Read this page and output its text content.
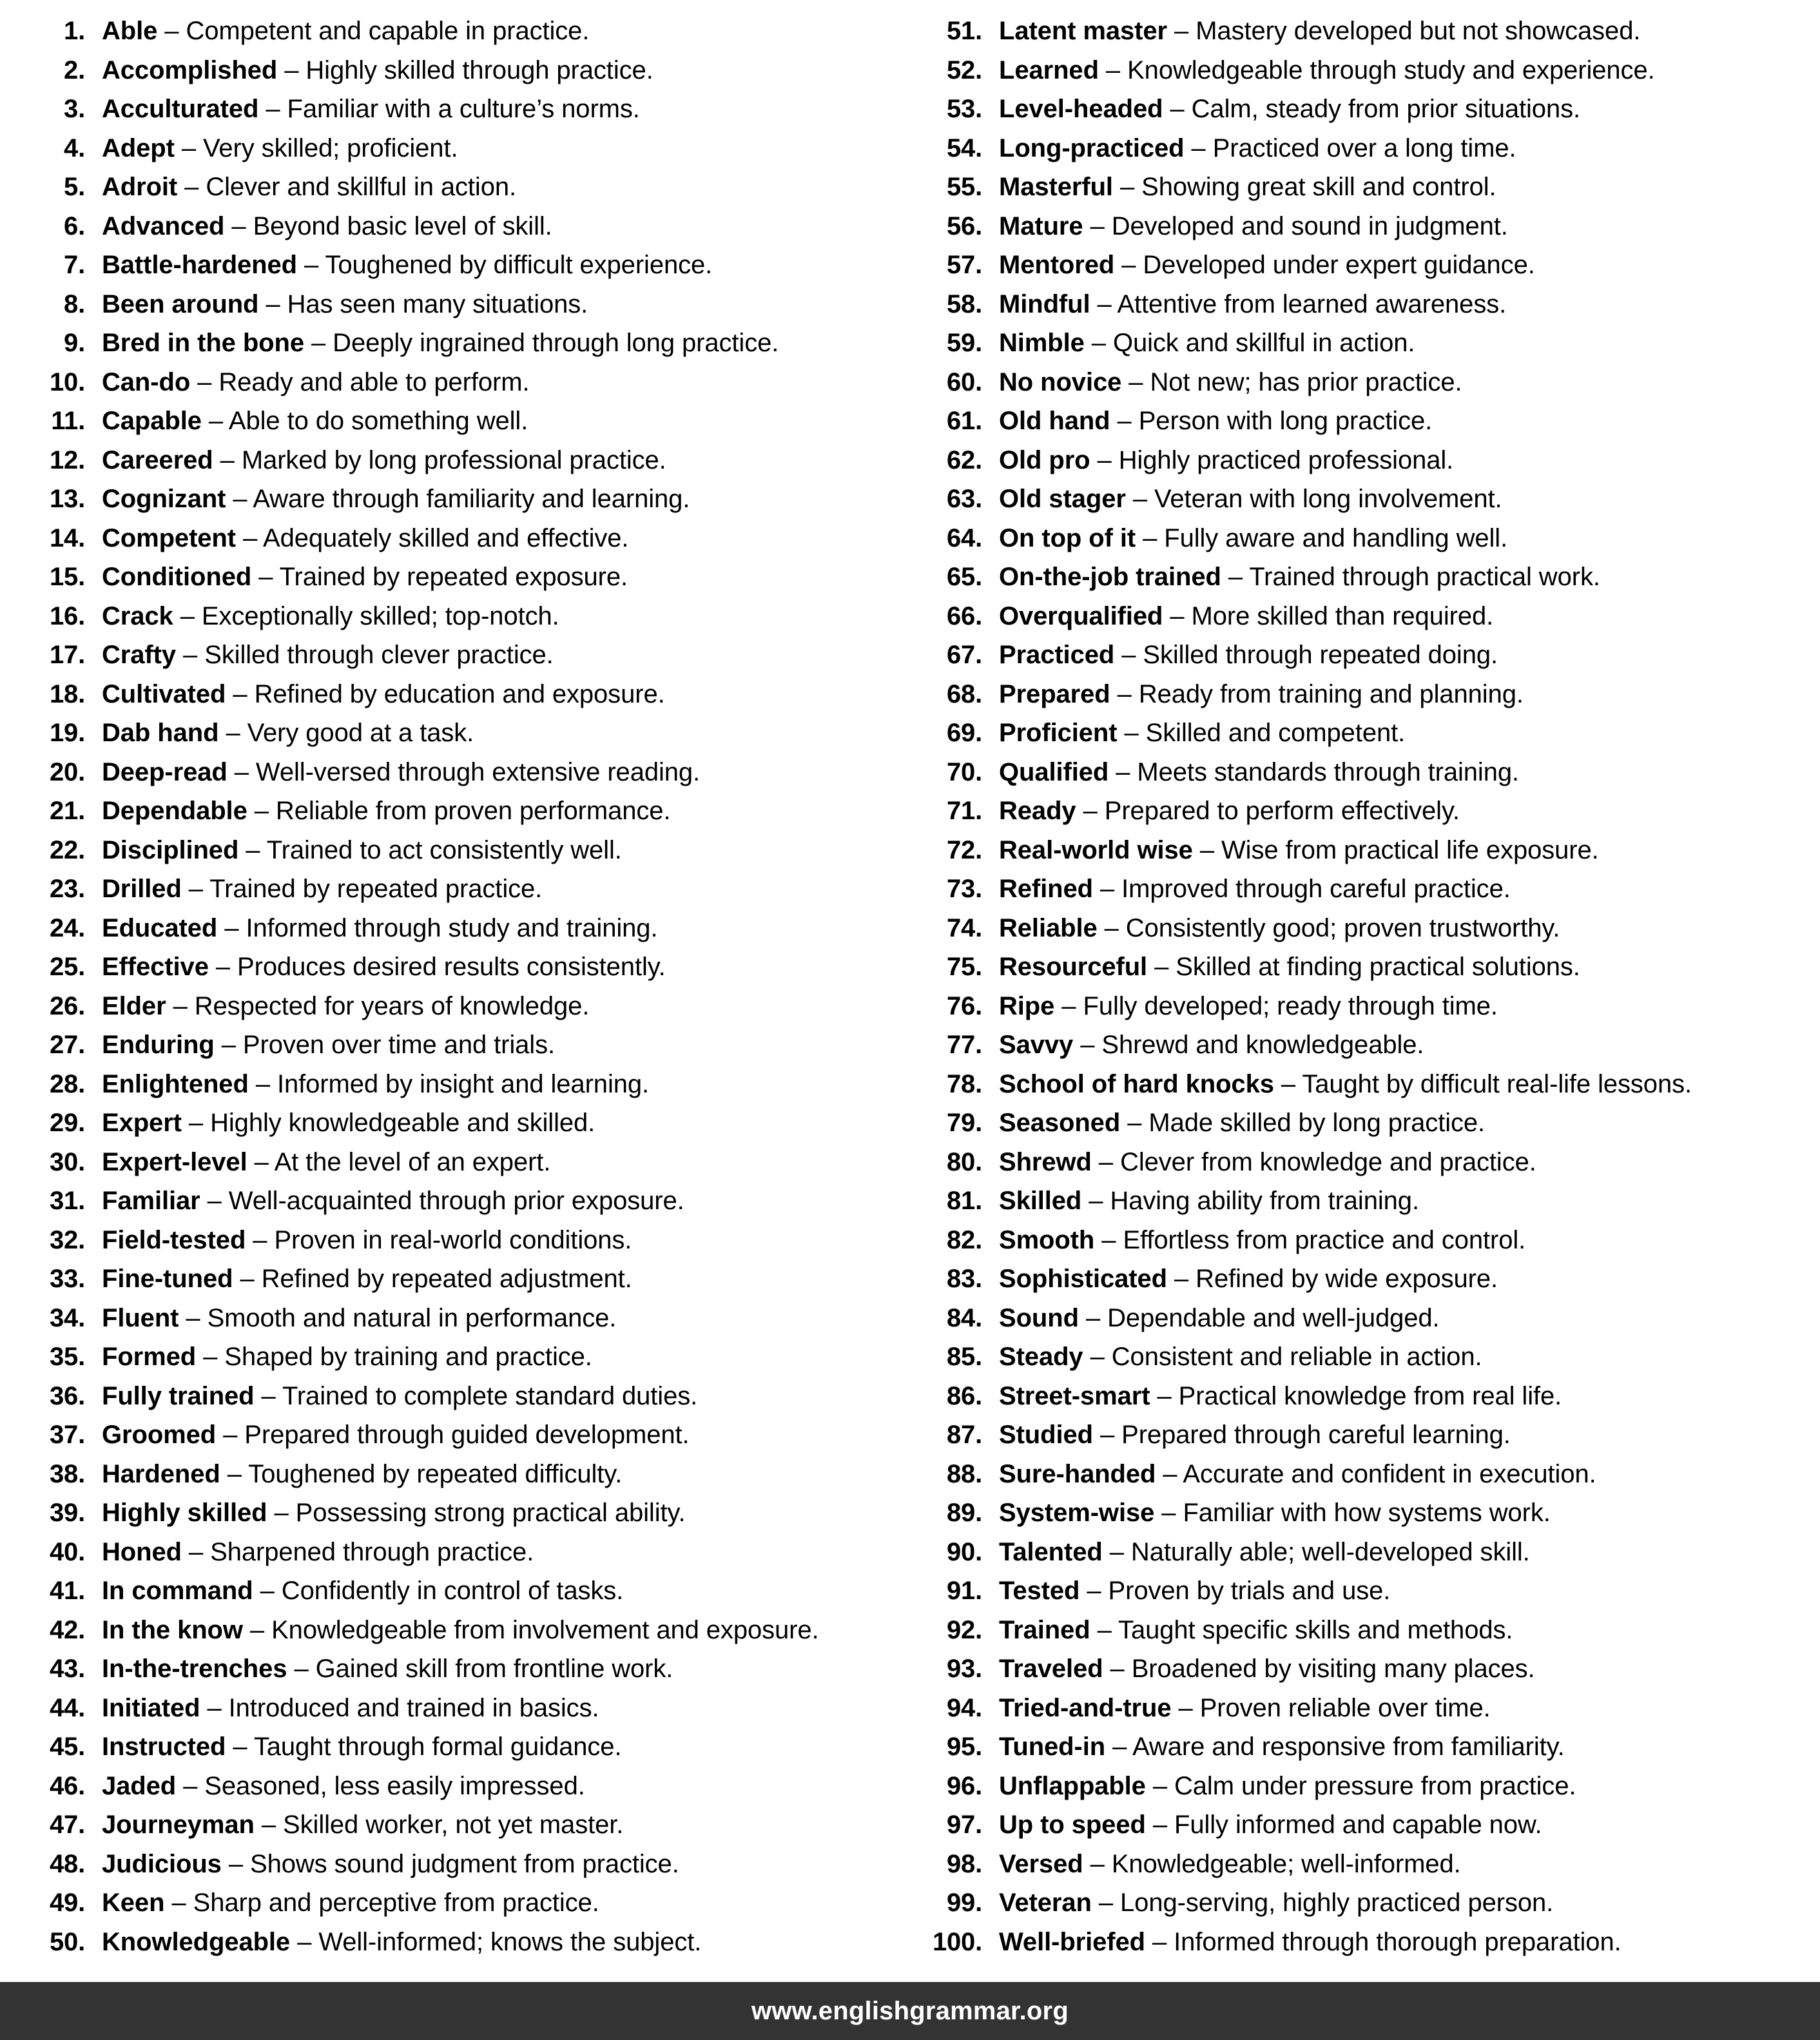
1. Able – Competent and capable in practice.
2. Accomplished – Highly skilled through practice.
3. Acculturated – Familiar with a culture’s norms.
4. Adept – Very skilled; proficient.
5. Adroit – Clever and skillful in action.
6. Advanced – Beyond basic level of skill.
7. Battle-hardened – Toughened by difficult experience.
8. Been around – Has seen many situations.
9. Bred in the bone – Deeply ingrained through long practice.
10. Can-do – Ready and able to perform.
11. Capable – Able to do something well.
12. Careered – Marked by long professional practice.
13. Cognizant – Aware through familiarity and learning.
14. Competent – Adequately skilled and effective.
15. Conditioned – Trained by repeated exposure.
16. Crack – Exceptionally skilled; top-notch.
17. Crafty – Skilled through clever practice.
18. Cultivated – Refined by education and exposure.
19. Dab hand – Very good at a task.
20. Deep-read – Well-versed through extensive reading.
21. Dependable – Reliable from proven performance.
22. Disciplined – Trained to act consistently well.
23. Drilled – Trained by repeated practice.
24. Educated – Informed through study and training.
25. Effective – Produces desired results consistently.
26. Elder – Respected for years of knowledge.
27. Enduring – Proven over time and trials.
28. Enlightened – Informed by insight and learning.
29. Expert – Highly knowledgeable and skilled.
30. Expert-level – At the level of an expert.
31. Familiar – Well-acquainted through prior exposure.
32. Field-tested – Proven in real-world conditions.
33. Fine-tuned – Refined by repeated adjustment.
34. Fluent – Smooth and natural in performance.
35. Formed – Shaped by training and practice.
36. Fully trained – Trained to complete standard duties.
37. Groomed – Prepared through guided development.
38. Hardened – Toughened by repeated difficulty.
39. Highly skilled – Possessing strong practical ability.
40. Honed – Sharpened through practice.
41. In command – Confidently in control of tasks.
42. In the know – Knowledgeable from involvement and exposure.
43. In-the-trenches – Gained skill from frontline work.
44. Initiated – Introduced and trained in basics.
45. Instructed – Taught through formal guidance.
46. Jaded – Seasoned, less easily impressed.
47. Journeyman – Skilled worker, not yet master.
48. Judicious – Shows sound judgment from practice.
49. Keen – Sharp and perceptive from practice.
50. Knowledgeable – Well-informed; knows the subject.
51. Latent master – Mastery developed but not showcased.
52. Learned – Knowledgeable through study and experience.
53. Level-headed – Calm, steady from prior situations.
54. Long-practiced – Practiced over a long time.
55. Masterful – Showing great skill and control.
56. Mature – Developed and sound in judgment.
57. Mentored – Developed under expert guidance.
58. Mindful – Attentive from learned awareness.
59. Nimble – Quick and skillful in action.
60. No novice – Not new; has prior practice.
61. Old hand – Person with long practice.
62. Old pro – Highly practiced professional.
63. Old stager – Veteran with long involvement.
64. On top of it – Fully aware and handling well.
65. On-the-job trained – Trained through practical work.
66. Overqualified – More skilled than required.
67. Practiced – Skilled through repeated doing.
68. Prepared – Ready from training and planning.
69. Proficient – Skilled and competent.
70. Qualified – Meets standards through training.
71. Ready – Prepared to perform effectively.
72. Real-world wise – Wise from practical life exposure.
73. Refined – Improved through careful practice.
74. Reliable – Consistently good; proven trustworthy.
75. Resourceful – Skilled at finding practical solutions.
76. Ripe – Fully developed; ready through time.
77. Savvy – Shrewd and knowledgeable.
78. School of hard knocks – Taught by difficult real-life lessons.
79. Seasoned – Made skilled by long practice.
80. Shrewd – Clever from knowledge and practice.
81. Skilled – Having ability from training.
82. Smooth – Effortless from practice and control.
83. Sophisticated – Refined by wide exposure.
84. Sound – Dependable and well-judged.
85. Steady – Consistent and reliable in action.
86. Street-smart – Practical knowledge from real life.
87. Studied – Prepared through careful learning.
88. Sure-handed – Accurate and confident in execution.
89. System-wise – Familiar with how systems work.
90. Talented – Naturally able; well-developed skill.
91. Tested – Proven by trials and use.
92. Trained – Taught specific skills and methods.
93. Traveled – Broadened by visiting many places.
94. Tried-and-true – Proven reliable over time.
95. Tuned-in – Aware and responsive from familiarity.
96. Unflappable – Calm under pressure from practice.
97. Up to speed – Fully informed and capable now.
98. Versed – Knowledgeable; well-informed.
99. Veteran – Long-serving, highly practiced person.
100. Well-briefed – Informed through thorough preparation.
www.englishgrammar.org
